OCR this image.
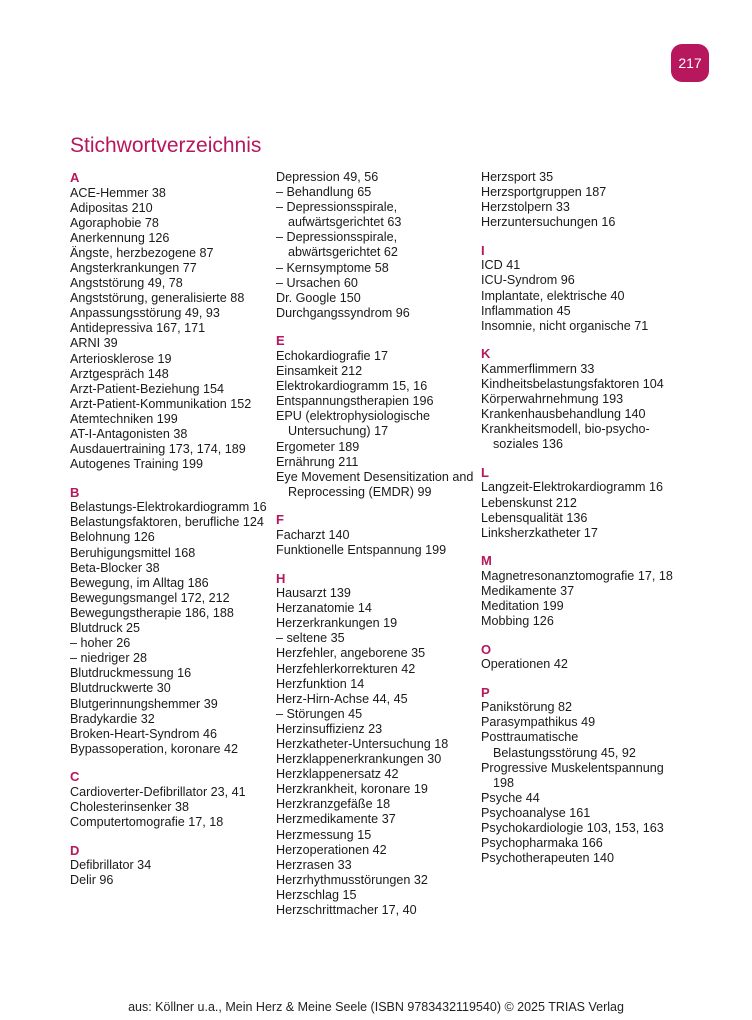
217
Stichwortverzeichnis
A
ACE-Hemmer 38
Adipositas 210
Agoraphobie 78
Anerkennung 126
Ängste, herzbezogene 87
Angsterkrankungen 77
Angststörung 49, 78
Angststörung, generalisierte 88
Anpassungsstörung 49, 93
Antidepressiva 167, 171
ARNI 39
Arteriosklerose 19
Arztgespräch 148
Arzt-Patient-Beziehung 154
Arzt-Patient-Kommunikation 152
Atemtechniken 199
AT-I-Antagonisten 38
Ausdauertraining 173, 174, 189
Autogenes Training 199
B
Belastungs-Elektrokardiogramm 16
Belastungsfaktoren, berufliche 124
Belohnung 126
Beruhigungsmittel 168
Beta-Blocker 38
Bewegung, im Alltag 186
Bewegungsmangel 172, 212
Bewegungstherapie 186, 188
Blutdruck 25
– hoher 26
– niedriger 28
Blutdruckmessung 16
Blutdruckwerte 30
Blutgerinnungshemmer 39
Bradykardie 32
Broken-Heart-Syndrom 46
Bypassoperation, koronare 42
C
Cardioverter-Defibrillator 23, 41
Cholesterinsenker 38
Computertomografie 17, 18
D
Defibrillator 34
Delir 96
Depression 49, 56
– Behandlung 65
– Depressionsspirale, aufwärtsgerichtet 63
– Depressionsspirale, abwärtsgerichtet 62
– Kernsymptome 58
– Ursachen 60
Dr. Google 150
Durchgangssyndrom 96
E
Echokardiografie 17
Einsamkeit 212
Elektrokardiogramm 15, 16
Entspannungstherapien 196
EPU (elektrophysiologische Untersuchung) 17
Ergometer 189
Ernährung 211
Eye Movement Desensitization and Reprocessing (EMDR) 99
F
Facharzt 140
Funktionelle Entspannung 199
H
Hausarzt 139
Herzanatomie 14
Herzerkrankungen 19
– seltene 35
Herzfehler, angeborene 35
Herzfehlerkorrekturen 42
Herzfunktion 14
Herz-Hirn-Achse 44, 45
– Störungen 45
Herzinsuffizienz 23
Herzkatheter-Untersuchung 18
Herzklappenerkrankungen 30
Herzklappenersatz 42
Herzkrankheit, koronare 19
Herzkranzgefäße 18
Herzmedikamente 37
Herzmessung 15
Herzoperationen 42
Herzrasen 33
Herzrhythmusstörungen 32
Herzschlag 15
Herzschrittmacher 17, 40
Herzsport 35
Herzsportgruppen 187
Herzstolpern 33
Herzuntersuchungen 16
I
ICD 41
ICU-Syndrom 96
Implantate, elektrische 40
Inflammation 45
Insomnie, nicht organische 71
K
Kammerflimmern 33
Kindheitsbelastungsfaktoren 104
Körperwahrnehmung 193
Krankenhausbehandlung 140
Krankheitsmodell, bio-psycho-soziales 136
L
Langzeit-Elektrokardiogramm 16
Lebenskunst 212
Lebensqualität 136
Linksherzkatheter 17
M
Magnetresonanztomografie 17, 18
Medikamente 37
Meditation 199
Mobbing 126
O
Operationen 42
P
Panikstörung 82
Parasympathikus 49
Posttraumatische Belastungsstörung 45, 92
Progressive Muskelentspannung 198
Psyche 44
Psychoanalyse 161
Psychokardiologie 103, 153, 163
Psychopharmaka 166
Psychotherapeuten 140
aus: Köllner u.a., Mein Herz & Meine Seele (ISBN 9783432119540) © 2025 TRIAS Verlag
